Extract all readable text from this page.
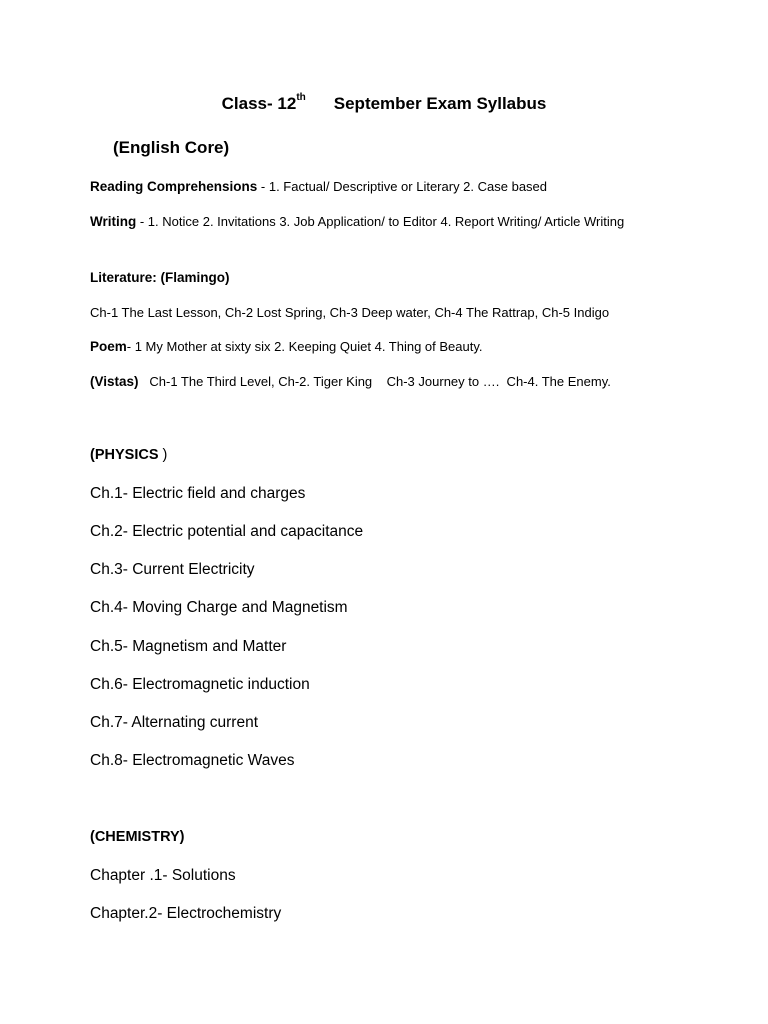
Class- 12th September Exam Syllabus
(English Core)
Reading Comprehensions - 1. Factual/ Descriptive or Literary 2. Case based
Writing - 1. Notice 2. Invitations 3. Job Application/ to Editor 4. Report Writing/ Article Writing
Literature: (Flamingo)
Ch-1 The Last Lesson, Ch-2 Lost Spring, Ch-3 Deep water, Ch-4 The Rattrap, Ch-5 Indigo
Poem- 1 My Mother at sixty six 2. Keeping Quiet 4. Thing of Beauty.
(Vistas)   Ch-1 The Third Level, Ch-2. Tiger King    Ch-3 Journey to ….  Ch-4. The Enemy.
(PHYSICS )
Ch.1- Electric field and charges
Ch.2- Electric potential and capacitance
Ch.3- Current Electricity
Ch.4- Moving Charge and Magnetism
Ch.5- Magnetism and Matter
Ch.6- Electromagnetic induction
Ch.7- Alternating current
Ch.8- Electromagnetic Waves
(CHEMISTRY)
Chapter .1- Solutions
Chapter.2- Electrochemistry
